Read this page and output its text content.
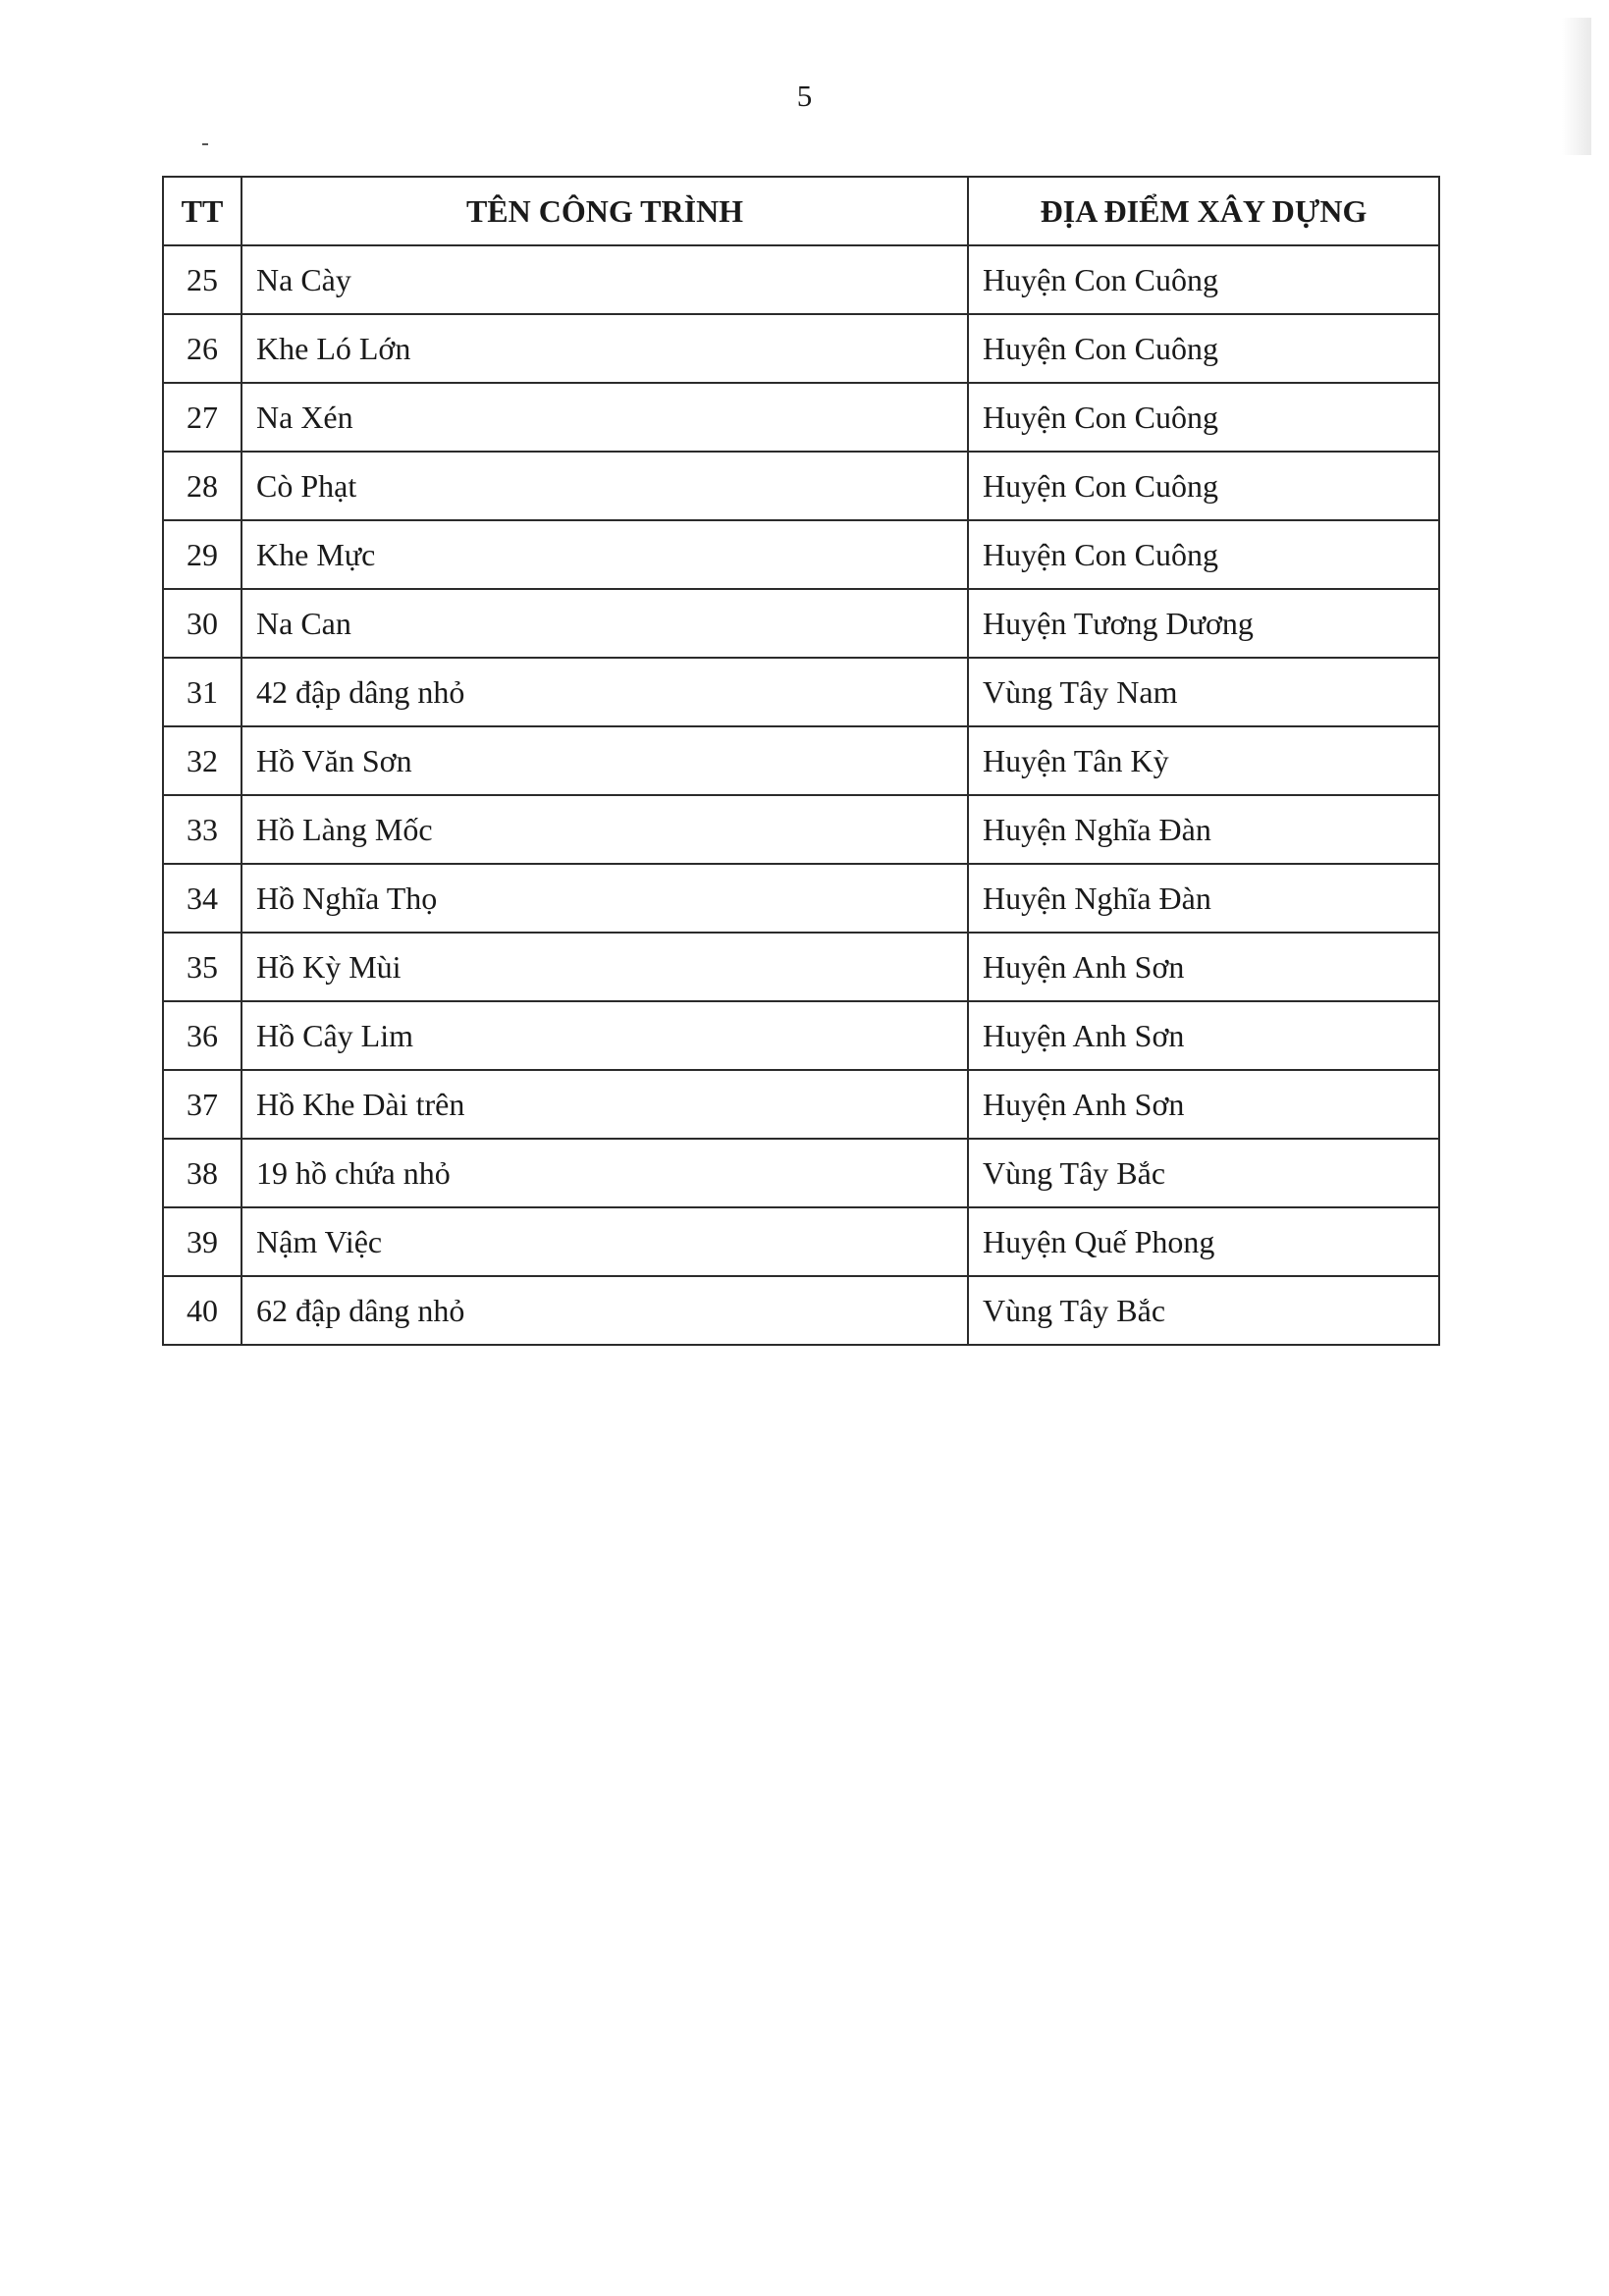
5
TT	TÊN CÔNG TRÌNH	ĐỊA ĐIỂM XÂY DỰNG
25	Na Cày	Huyện Con Cuông
26	Khe Ló Lớn	Huyện Con Cuông
27	Na Xén	Huyện Con Cuông
28	Cò Phạt	Huyện Con Cuông
29	Khe Mực	Huyện Con Cuông
30	Na Can	Huyện Tương Dương
31	42 đập dâng nhỏ	Vùng Tây Nam
32	Hồ Văn Sơn	Huyện Tân Kỳ
33	Hồ Làng Mốc	Huyện Nghĩa Đàn
34	Hồ Nghĩa Thọ	Huyện Nghĩa Đàn
35	Hồ Kỳ Mùi	Huyện Anh Sơn
36	Hồ Cây Lim	Huyện Anh Sơn
37	Hồ Khe Dài trên	Huyện Anh Sơn
38	19 hồ chứa nhỏ	Vùng Tây Bắc
39	Nậm Việc	Huyện Quế Phong
40	62 đập dâng nhỏ	Vùng Tây Bắc
